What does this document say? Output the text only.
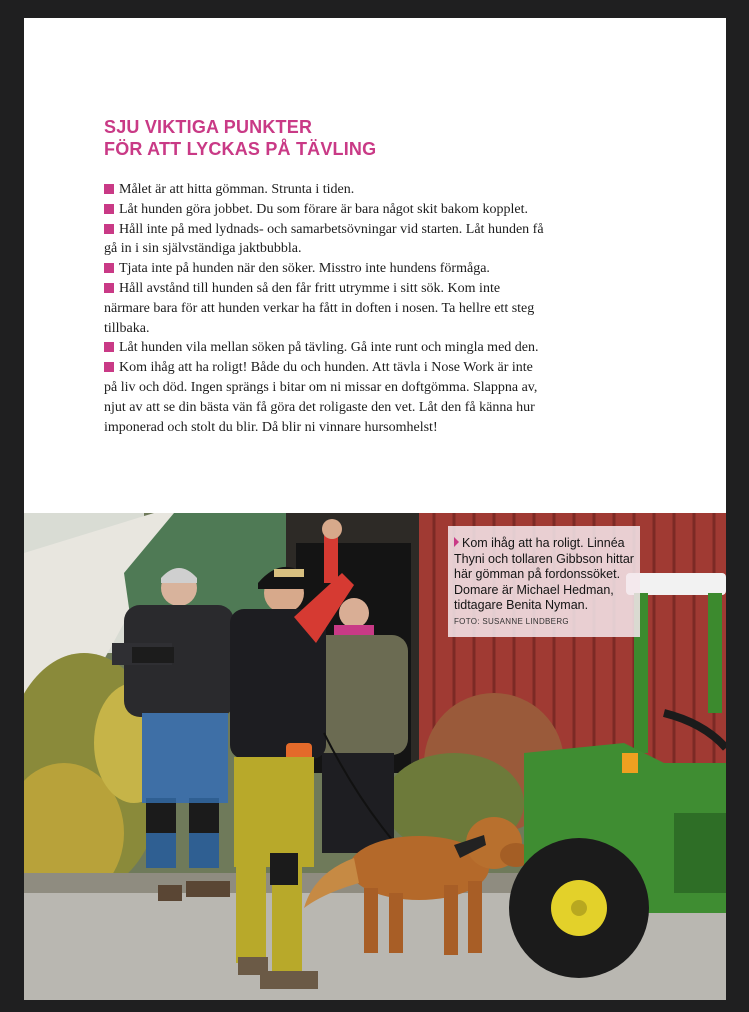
SJU VIKTIGA PUNKTER
FÖR ATT LYCKAS PÅ TÄVLING

Målet är att hitta gömman. Strunta i tiden.

Låt hunden göra jobbet. Du som förare är bara något skit bakom kopplet.

Håll inte på med lydnads- och samarbetsövningar vid starten. Låt hunden få gå in i sin självständiga jaktbubbla.

Tjata inte på hunden när den söker. Misstro inte hundens förmåga.

Håll avstånd till hunden så den får fritt utrymme i sitt sök. Kom inte närmare bara för att hunden verkar ha fått in doften i nosen. Ta hellre ett steg tillbaka.

Låt hunden vila mellan söken på tävling. Gå inte runt och mingla med den.

Kom ihåg att ha roligt! Både du och hunden. Att tävla i Nose Work är inte på liv och död. Ingen sprängs i bitar om ni missar en doftgömma. Slappna av, njut av att se din bästa vän få göra det roligaste den vet. Låt den få känna hur imponerad och stolt du blir. Då blir ni vinnare hursomhelst!

Kom ihåg att ha roligt. Linnéa Thyni och tollaren Gibbson hittar här gömman på fordonssöket. Domare är Michael Hedman, tidtagare Benita Nyman.
FOTO: SUSANNE LINDBERG
